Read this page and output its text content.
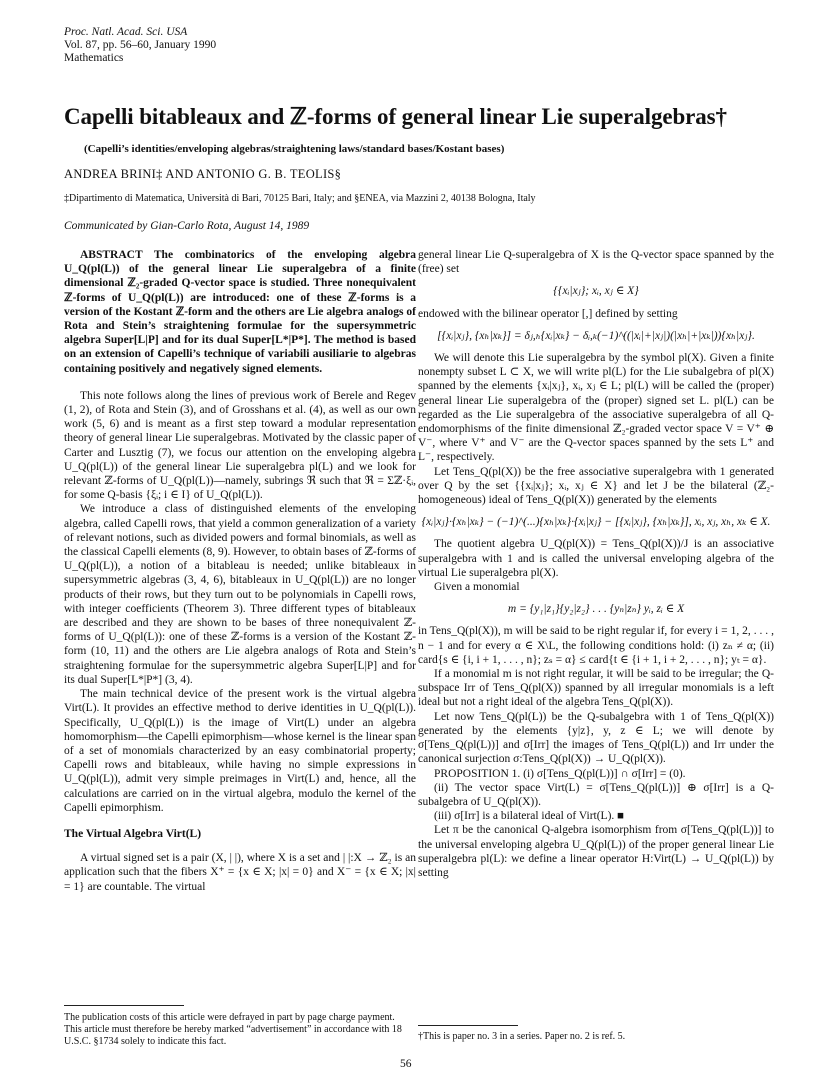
Proc. Natl. Acad. Sci. USA
Vol. 87, pp. 56–60, January 1990
Mathematics
Capelli bitableaux and ℤ-forms of general linear Lie superalgebras†
(Capelli’s identities/enveloping algebras/straightening laws/standard bases/Kostant bases)
ANDREA BRINI‡ AND ANTONIO G. B. TEOLIS§
‡Dipartimento di Matematica, Università di Bari, 70125 Bari, Italy; and §ENEA, via Mazzini 2, 40138 Bologna, Italy
Communicated by Gian-Carlo Rota, August 14, 1989
ABSTRACT The combinatorics of the enveloping algebra U_Q(pl(L)) of the general linear Lie superalgebra of a finite dimensional ℤ₂-graded Q-vector space is studied. Three nonequivalent ℤ-forms of U_Q(pl(L)) are introduced: one of these ℤ-forms is a version of the Kostant ℤ-form and the others are Lie algebra analogs of Rota and Stein’s straightening formulae for the supersymmetric algebra Super[L|P] and for its dual Super[L*|P*]. The method is based on an extension of Capelli’s technique of variabili ausiliarie to algebras containing positively and negatively signed elements.

This note follows along the lines of previous work of Berele and Regev (1, 2), of Rota and Stein (3), and of Grosshans et al. (4), as well as our own work (5, 6) and is meant as a first step toward a modular representation theory of general linear Lie superalgebras. Motivated by the classic paper of Carter and Lusztig (7), we focus our attention on the enveloping algebra U_Q(pl(L)) of the general linear Lie superalgebra pl(L) and we look for relevant ℤ-forms of U_Q(pl(L))—namely, subrings ℜ such that ℜ = Σℤ·ξᵢ, for some Q-basis {ξᵢ; i ∈ I} of U_Q(pl(L)).

We introduce a class of distinguished elements of the enveloping algebra, called Capelli rows, that yield a common generalization of a variety of relevant notions, such as divided powers and formal binomials, as well as the classical Capelli elements (8, 9). However, to obtain bases of ℤ-forms of U_Q(pl(L)), a notion of a bitableau is needed; unlike bitableaux in supersymmetric algebras (3, 4, 6), bitableaux in U_Q(pl(L)) are no longer products of their rows, but they turn out to be polynomials in Capelli rows, with integer coefficients (Theorem 3). Three different types of bitableaux are described and they are shown to be bases of three nonequivalent ℤ-forms of U_Q(pl(L)): one of these ℤ-forms is a version of the Kostant ℤ-form (10, 11) and the others are Lie algebra analogs of Rota and Stein’s straightening formulae for the supersymmetric algebra Super[L|P] and for its dual Super[L*|P*] (3, 4).

The main technical device of the present work is the virtual algebra Virt(L). It provides an effective method to derive identities in U_Q(pl(L)). Specifically, U_Q(pl(L)) is the image of Virt(L) under an algebra homomorphism—the Capelli epimorphism—whose kernel is the linear span of a set of monomials characterized by an easy combinatorial property; Capelli rows and bitableaux, while having no simple expressions in U_Q(pl(L)), admit very simple preimages in Virt(L) and, hence, all the calculations are carried on in the virtual algebra, modulo the kernel of the Capelli epimorphism.

The Virtual Algebra Virt(L)

A virtual signed set is a pair (X, | |), where X is a set and | |:X → ℤ₂ is an application such that the fibers X⁺ = {x ∈ X; |x| = 0} and X⁻ = {x ∈ X; |x| = 1} are countable. The virtual

general linear Lie Q-superalgebra of X is the Q-vector space spanned by the (free) set

{{xᵢ|xⱼ}; xᵢ, xⱼ ∈ X}

endowed with the bilinear operator [,] defined by setting

[{xᵢ|xⱼ}, {xₕ|xₖ}] = δⱼ,ₕ{xᵢ|xₖ} − δᵢ,ₖ(−1)^((|xᵢ|+|xⱼ|)(|xₕ|+|xₖ|)){xₕ|xⱼ}.

We will denote this Lie superalgebra by the symbol pl(X). Given a finite nonempty subset L ⊂ X, we will write pl(L) for the Lie subalgebra of pl(X) spanned by the elements {xᵢ|xⱼ}, xᵢ, xⱼ ∈ L; pl(L) will be called the (proper) general linear Lie superalgebra of the (proper) signed set L. pl(L) can be regarded as the Lie superalgebra of the associative superalgebra of all Q-endomorphisms of the finite dimensional ℤ₂-graded vector space V = V⁺ ⊕ V⁻, where V⁺ and V⁻ are the Q-vector spaces spanned by the sets L⁺ and L⁻, respectively.

Let Tens_Q(pl(X)) be the free associative superalgebra with 1 generated over Q by the set {{xᵢ|xⱼ}; xᵢ, xⱼ ∈ X} and let J be the bilateral (ℤ₂-homogeneous) ideal of Tens_Q(pl(X)) generated by the elements

{xᵢ|xⱼ}·{xₕ|xₖ} − (−1)^(...){xₕ|xₖ}·{xᵢ|xⱼ} − [{xᵢ|xⱼ}, {xₕ|xₖ}], xᵢ, xⱼ, xₕ, xₖ ∈ X.

The quotient algebra U_Q(pl(X)) = Tens_Q(pl(X))/J is an associative superalgebra with 1 and is called the universal enveloping algebra of the virtual Lie superalgebra pl(X).

Given a monomial

m = {y₁|z₁}{y₂|z₂} . . . {yₙ|zₙ} yᵢ, zᵢ ∈ X

in Tens_Q(pl(X)), m will be said to be right regular if, for every i = 1, 2, . . . , n − 1 and for every α ∈ X\L, the following conditions hold: (i) zₙ ≠ α; (ii) card{s ∈ {i, i + 1, . . . , n}; zₛ = α} ≤ card{t ∈ {i + 1, i + 2, . . . , n}; yₜ = α}.

If a monomial m is not right regular, it will be said to be irregular; the Q-subspace Irr of Tens_Q(pl(X)) spanned by all irregular monomials is a left ideal but not a right ideal of the algebra Tens_Q(pl(X)).

Let now Tens_Q(pl(L)) be the Q-subalgebra with 1 of Tens_Q(pl(X)) generated by the elements {y|z}, y, z ∈ L; we will denote by σ[Tens_Q(pl(L))] and σ[Irr] the images of Tens_Q(pl(L)) and Irr under the canonical surjection σ:Tens_Q(pl(X)) → U_Q(pl(X)).

PROPOSITION 1. (i) σ[Tens_Q(pl(L))] ∩ σ[Irr] = (0).

(ii) The vector space Virt(L) = σ[Tens_Q(pl(L))] ⊕ σ[Irr] is a Q-subalgebra of U_Q(pl(X)).

(iii) σ[Irr] is a bilateral ideal of Virt(L). ■

Let π be the canonical Q-algebra isomorphism from σ[Tens_Q(pl(L))] to the universal enveloping algebra U_Q(pl(L)) of the proper general linear Lie superalgebra pl(L): we define a linear operator H:Virt(L) → U_Q(pl(L)) by setting

The publication costs of this article were defrayed in part by page charge payment. This article must therefore be hereby marked “advertisement” in accordance with 18 U.S.C. §1734 solely to indicate this fact.	†This is paper no. 3 in a series. Paper no. 2 is ref. 5.
56
